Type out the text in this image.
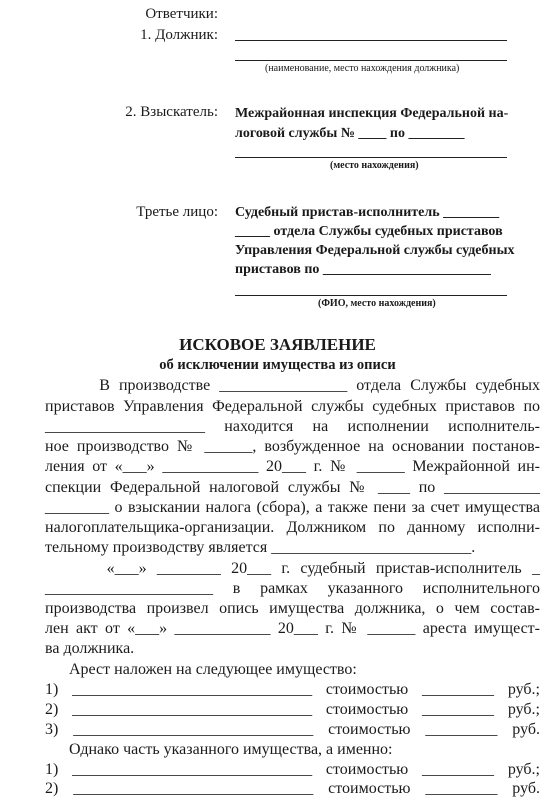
Ответчики:
1. Должник:
(наименование, место нахождения должника)
2. Взыскатель: Межрайонная инспекция Федеральной на-
логовой службы № ____ по ________
(место нахождения)
Третье лицо: Судебный пристав-исполнитель ________
_____ отдела Службы судебных приставов
Управления Федеральной службы судебных
приставов по ________________________
(ФИО, место нахождения)
ИСКОВОЕ ЗАЯВЛЕНИЕ
об исключении имущества из описи
В производстве ________________ отдела Службы судебных
приставов Управления Федеральной службы судебных приставов по
____________________ находится на исполнении исполнитель-
ное производство № ______, возбужденное на основании постанов-
ления от «___» ____________ 20___ г. № ______ Межрайонной ин-
спекции Федеральной налоговой службы № ____ по ____________
________ о взыскании налога (сбора), а также пени за счет имущества
налогоплательщика-организации. Должником по данному исполни-
тельному производству является _________________________.
«___» ________ 20___ г. судебный пристав-исполнитель _
_____________________ в рамках указанного исполнительного
производства произвел опись имущества должника, о чем состав-
лен акт от «___» ____________ 20___ г. № ______ ареста имущест-
ва должника.
Арест наложен на следующее имущество:
1) ______________________________ стоимостью _________ руб.;
2) ______________________________ стоимостью _________ руб.;
3) ______________________________ стоимостью _________ руб.
Однако часть указанного имущества, а именно:
1) ______________________________ стоимостью _________ руб.;
2) ______________________________ стоимостью _________ руб.
